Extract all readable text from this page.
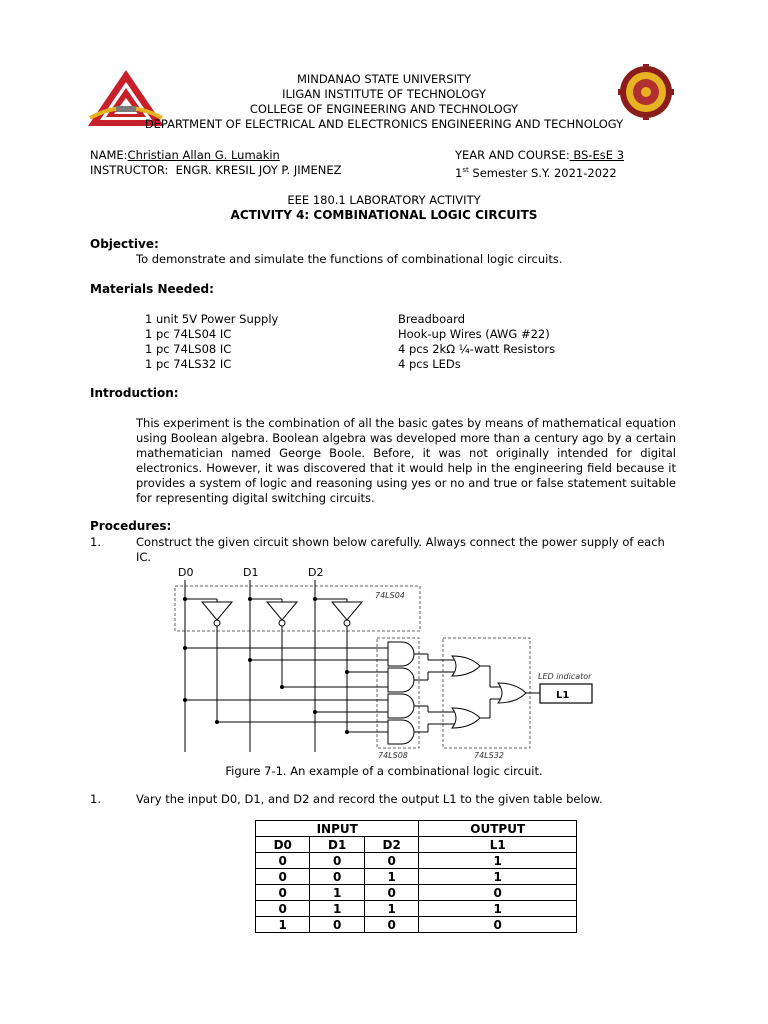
MINDANAO STATE UNIVERSITY
ILIGAN INSTITUTE OF TECHNOLOGY
COLLEGE OF ENGINEERING AND TECHNOLOGY
DEPARTMENT OF ELECTRICAL AND ELECTRONICS ENGINEERING AND TECHNOLOGY
NAME:Christian Allan G. Lumakin
INSTRUCTOR: ENGR. KRESIL JOY P. JIMENEZ
YEAR AND COURSE: BS-EsE 3
1st Semester S.Y. 2021-2022
EEE 180.1 LABORATORY ACTIVITY
ACTIVITY 4: COMBINATIONAL LOGIC CIRCUITS
Objective:
To demonstrate and simulate the functions of combinational logic circuits.
Materials Needed:
1 unit 5V Power Supply
1 pc 74LS04 IC
1 pc 74LS08 IC
1 pc 74LS32 IC
Breadboard
Hook-up Wires (AWG #22)
4 pcs 2kΩ ¼-watt Resistors
4 pcs LEDs
Introduction:
This experiment is the combination of all the basic gates by means of mathematical equation using Boolean algebra. Boolean algebra was developed more than a century ago by a certain mathematician named George Boole. Before, it was not originally intended for digital electronics. However, it was discovered that it would help in the engineering field because it provides a system of logic and reasoning using yes or no and true or false statement suitable for representing digital switching circuits.
Procedures:
1.	Construct the given circuit shown below carefully. Always connect the power supply of each IC.
D0	D1	D2
74LS04
74LS08	74LS32
LED indicator
L1
Figure 7-1. An example of a combinational logic circuit.
1.	Vary the input D0, D1, and D2 and record the output L1 to the given table below.
INPUT			OUTPUT
D0	D1	D2	L1
0	0	0	1
0	0	1	1
0	1	0	0
0	1	1	1
1	0	0	0
